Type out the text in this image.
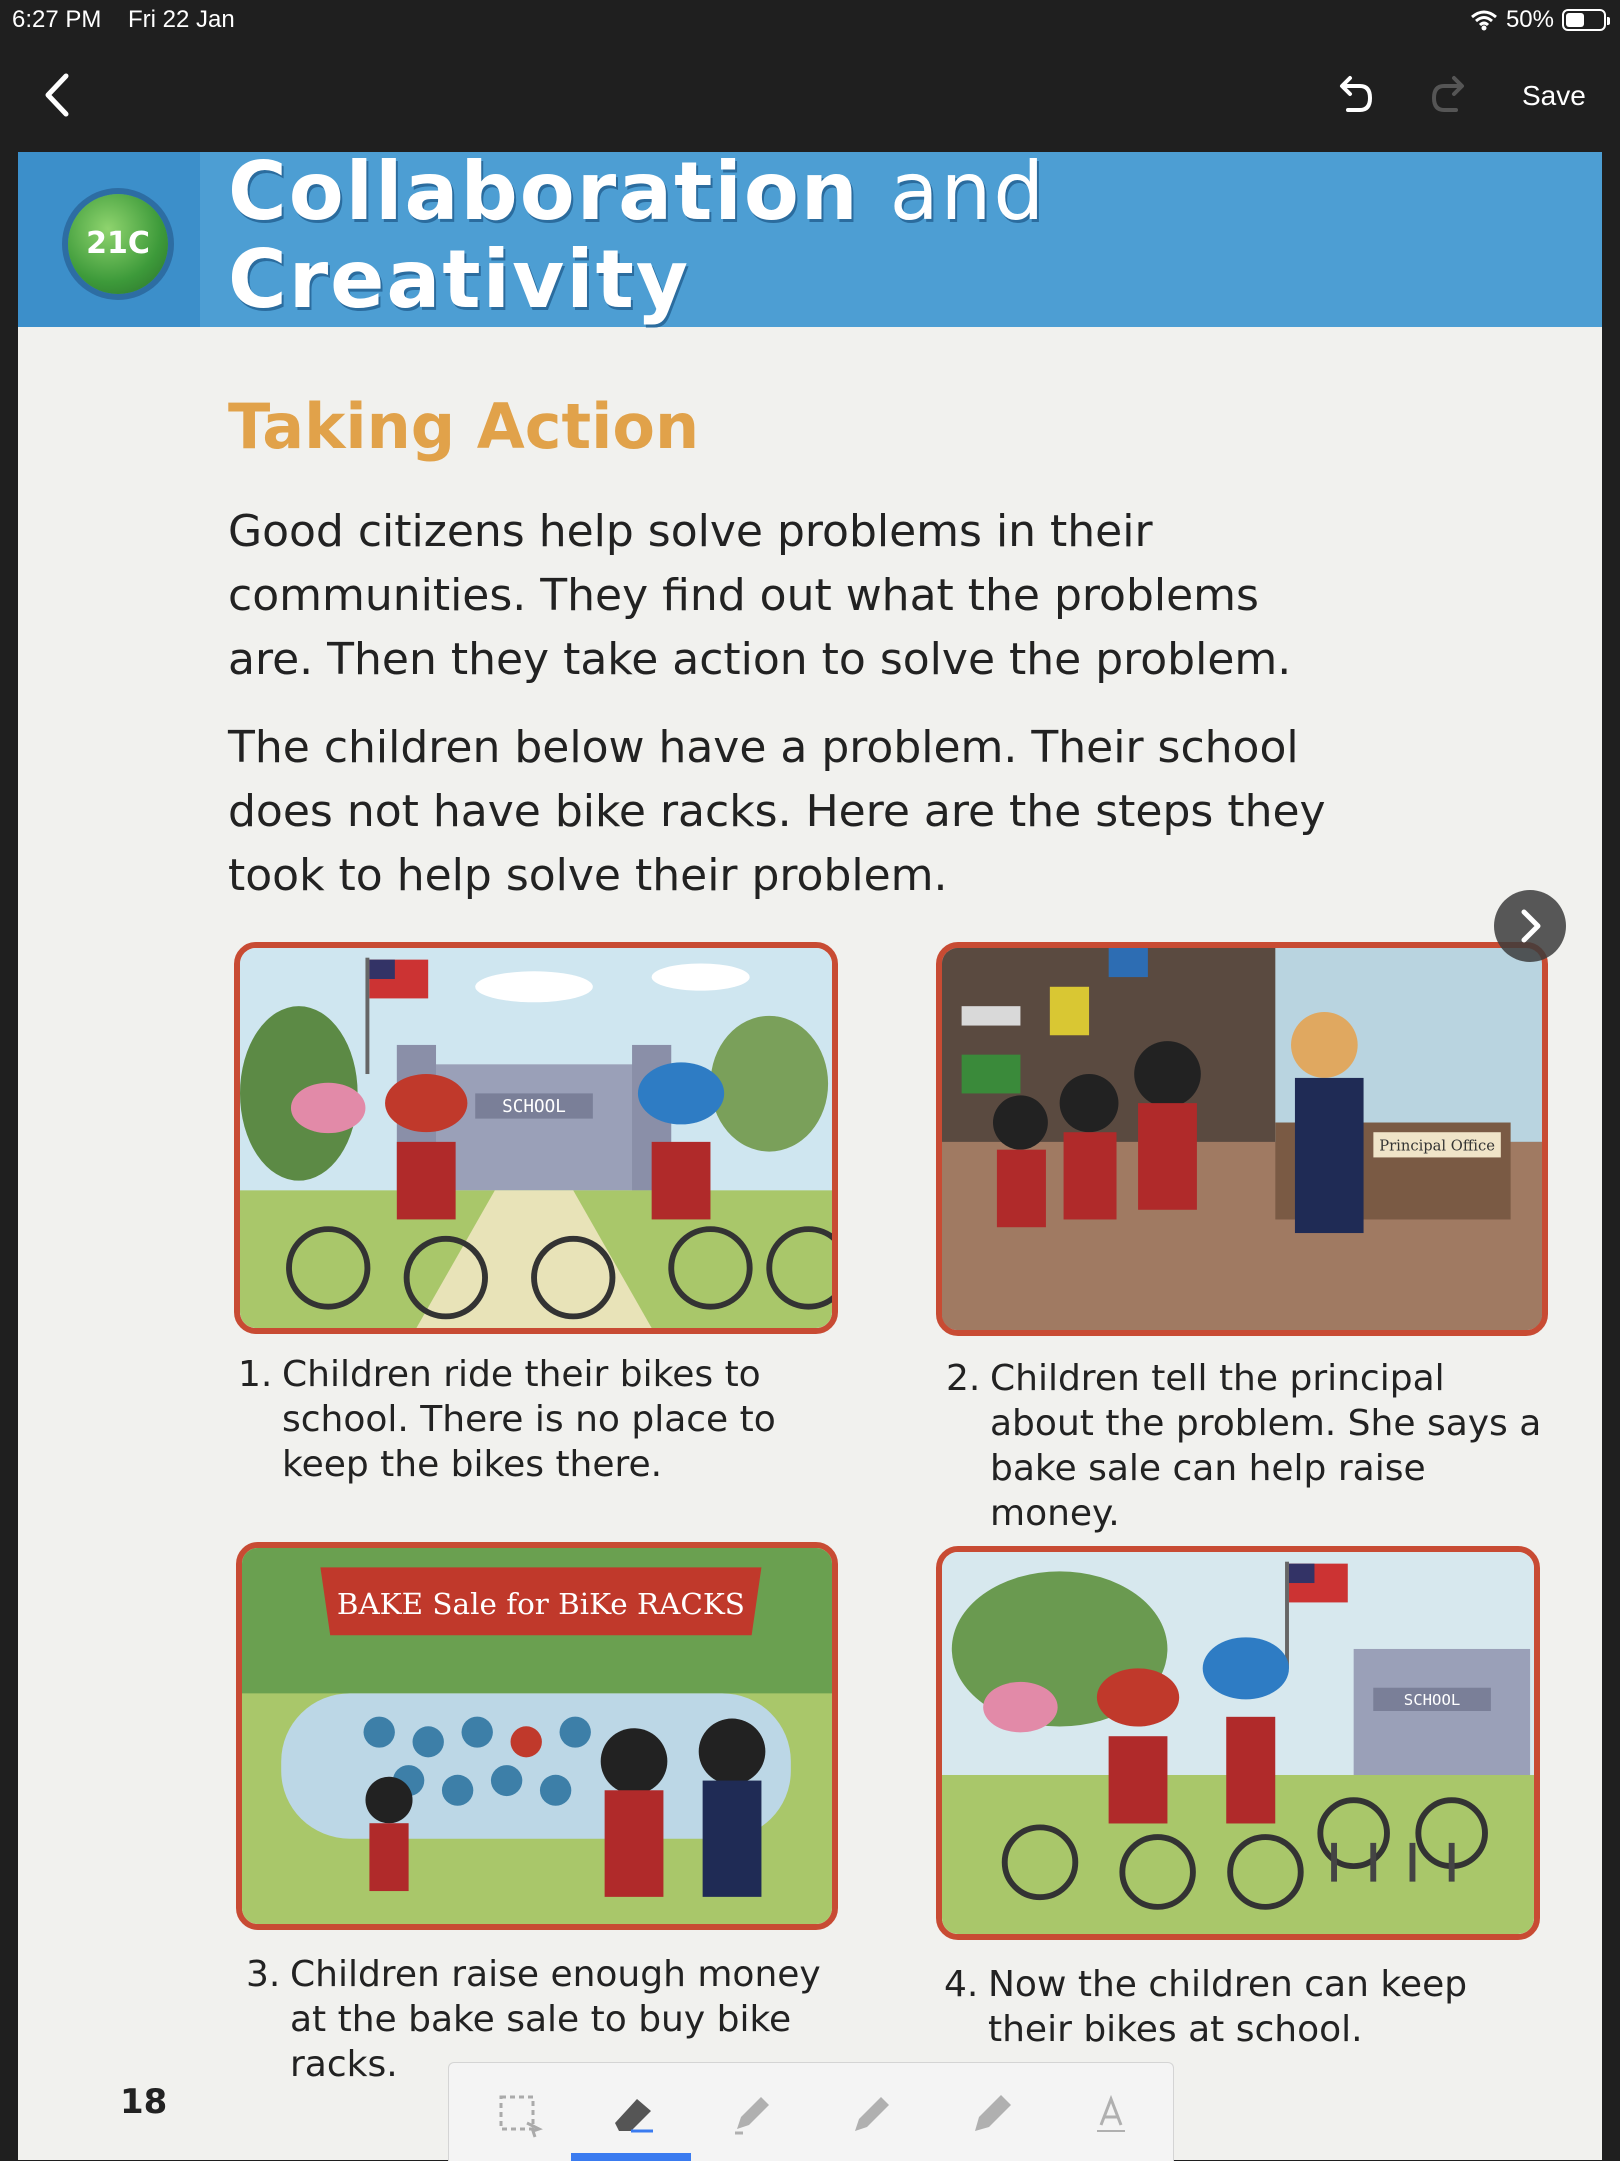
6:27 PM Fri 22 Jan	50%
Save
21C
Collaboration and
Creativity
Taking Action
Good citizens help solve problems in their communities. They find out what the problems are. Then they take action to solve the problem.
The children below have a problem. Their school does not have bike racks. Here are the steps they took to help solve their problem.
SCHOOL
1. Children ride their bikes to school. There is no place to keep the bikes there.
Principal Office
2. Children tell the principal about the problem. She says a bake sale can help raise money.
BAKE Sale for BiKe RACKS
3. Children raise enough money at the bake sale to buy bike racks.
SCHOOL
4. Now the children can keep their bikes at school.
18
